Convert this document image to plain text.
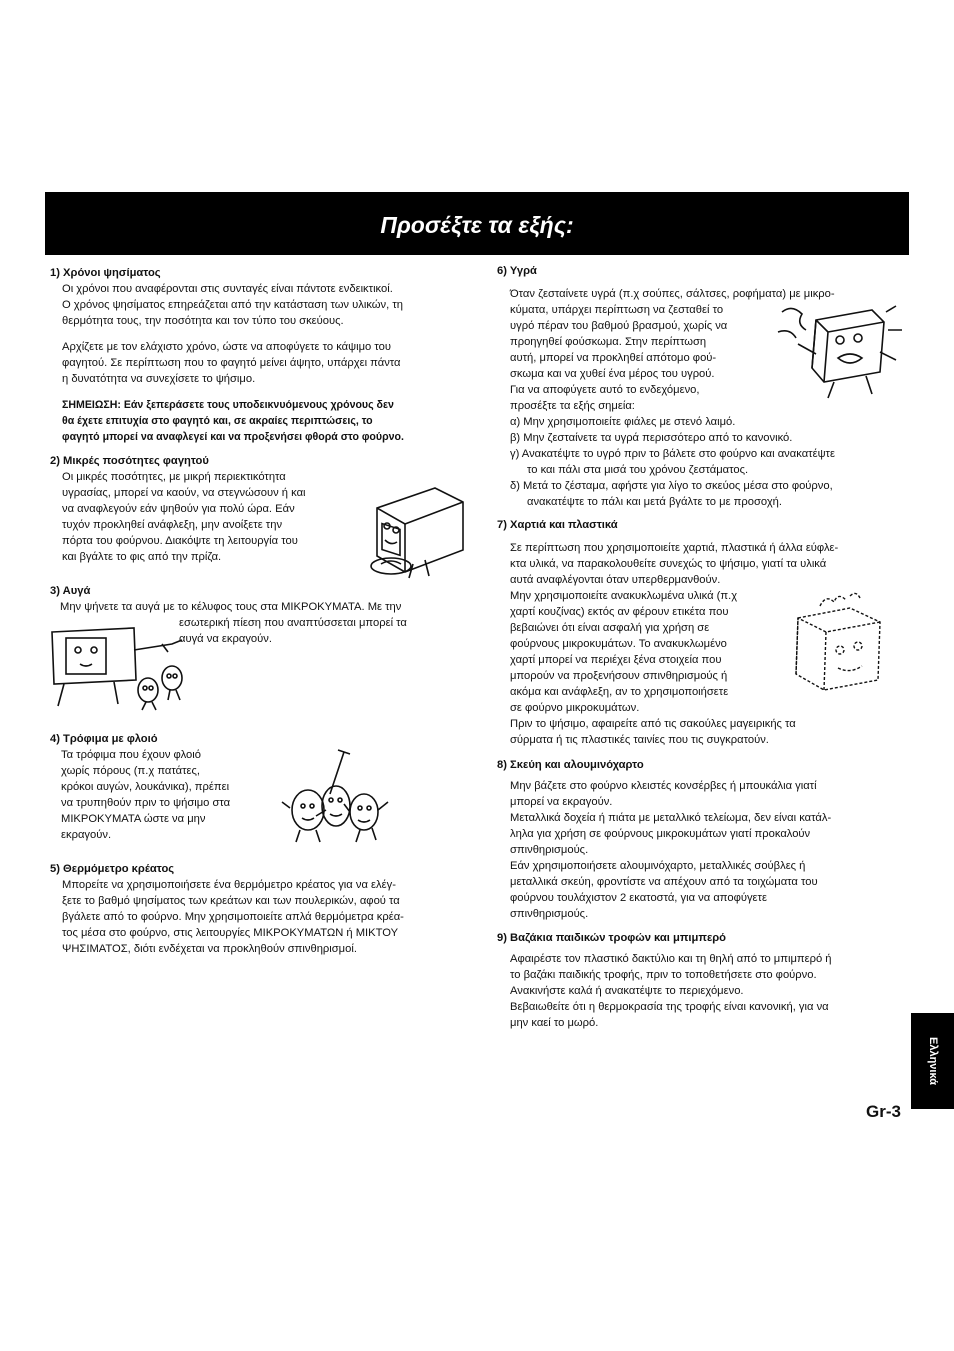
Προσέξτε τα εξής:
1) Χρόνοι ψησίματος
Οι χρόνοι που αναφέρονται στις συνταγές είναι πάντοτε ενδεικτικοί.
Ο χρόνος ψησίματος επηρεάζεται από την κατάσταση των υλικών, τη
θερμότητα τους, την ποσότητα και τον τύπο του σκεύους.
Αρχίζετε με τον ελάχιστο χρόνο, ώστε να αποφύγετε το κάψιμο του
φαγητού. Σε περίπτωση που το φαγητό μείνει άψητο, υπάρχει πάντα
η δυνατότητα να συνεχίσετε το ψήσιμο.
ΣΗΜΕΙΩΣΗ: Εάν ξεπεράσετε τους υποδεικνυόμενους χρόνους δεν
θα έχετε επιτυχία στο φαγητό και, σε ακραίες περιπτώσεις, το
φαγητό μπορεί να αναφλεγεί και να προξενήσει φθορά στο φούρνο.
2) Μικρές ποσότητες φαγητού
Οι μικρές ποσότητες, με μικρή περιεκτικότητα
υγρασίας, μπορεί να καούν, να στεγνώσουν ή και
να αναφλεγούν εάν ψηθούν για πολύ ώρα. Εάν
τυχόν προκληθεί ανάφλεξη, μην ανοίξετε την
πόρτα του φούρνου. Διακόψτε τη λειτουργία του
και βγάλτε το φις από την πρίζα.
3) Αυγά
Μην ψήνετε τα αυγά με το κέλυφος τους στα ΜΙΚΡΟΚΥΜΑΤΑ. Με την
εσωτερική πίεση που αναπτύσσεται μπορεί τα
αυγά να εκραγούν.
4) Τρόφιμα με φλοιό
Τα τρόφιμα που έχουν φλοιό
χωρίς πόρους (π.χ πατάτες,
κρόκοι αυγών, λουκάνικα), πρέπει
να τρυπηθούν πριν το ψήσιμο στα
ΜΙΚΡΟΚΥΜΑΤΑ ώστε να μην
εκραγούν.
5) Θερμόμετρο κρέατος
Μπορείτε να χρησιμοποιήσετε ένα θερμόμετρο κρέατος για να ελέγ-
ξετε το βαθμό ψησίματος των κρεάτων και των πουλερικών, αφού τα
βγάλετε από το φούρνο. Μην χρησιμοποιείτε απλά θερμόμετρα κρέα-
τος μέσα στο φούρνο, στις λειτουργίες ΜΙΚΡΟΚΥΜΑΤΩΝ ή ΜΙΚΤΟΥ
ΨΗΣΙΜΑΤΟΣ, διότι ενδέχεται να προκληθούν σπινθηρισμοί.
6) Υγρά
Όταν ζεσταίνετε υγρά (π.χ σούπες, σάλτσες, ροφήματα) με μικρο-
κύματα, υπάρχει περίπτωση να ζεσταθεί το
υγρό πέραν του βαθμού βρασμού, χωρίς να
προηγηθεί φούσκωμα. Στην περίπτωση
αυτή, μπορεί να προκληθεί απότομο φού-
σκωμα και να χυθεί ένα μέρος του υγρού.
Για να αποφύγετε αυτό το ενδεχόμενο,
προσέξτε τα εξής σημεία:
α) Μην χρησιμοποιείτε φιάλες με στενό λαιμό.
β) Μην ζεσταίνετε τα υγρά περισσότερο από το κανονικό.
γ) Ανακατέψτε το υγρό πριν το βάλετε στο φούρνο και ανακατέψτε
το και πάλι στα μισά του χρόνου ζεστάματος.
δ) Μετά το ζέσταμα, αφήστε για λίγο το σκεύος μέσα στο φούρνο,
ανακατέψτε το πάλι και μετά βγάλτε το με προσοχή.
7) Χαρτιά και πλαστικά
Σε περίπτωση που χρησιμοποιείτε χαρτιά, πλαστικά ή άλλα εύφλε-
κτα υλικά, να παρακολουθείτε συνεχώς το ψήσιμο, γιατί τα υλικά
αυτά αναφλέγονται όταν υπερθερμανθούν.
Μην χρησιμοποιείτε ανακυκλωμένα υλικά (π.χ
χαρτί κουζίνας) εκτός αν φέρουν ετικέτα που
βεβαιώνει ότι είναι ασφαλή για χρήση σε
φούρνους μικροκυμάτων. Το ανακυκλωμένο
χαρτί μπορεί να περιέχει ξένα στοιχεία που
μπορούν να προξενήσουν σπινθηρισμούς ή
ακόμα και ανάφλεξη, αν το χρησιμοποιήσετε
σε φούρνο μικροκυμάτων.
Πριν το ψήσιμο, αφαιρείτε από τις σακούλες μαγειρικής τα
σύρματα ή τις πλαστικές ταινίες που τις συγκρατούν.
8) Σκεύη και αλουμινόχαρτο
Μην βάζετε στο φούρνο κλειστές κονσέρβες ή μπουκάλια γιατί
μπορεί να εκραγούν.
Μεταλλικά δοχεία ή πιάτα με μεταλλικό τελείωμα, δεν είναι κατάλ-
ληλα για χρήση σε φούρνους μικροκυμάτων γιατί προκαλούν
σπινθηρισμούς.
Εάν χρησιμοποιήσετε αλουμινόχαρτο, μεταλλικές σούβλες ή
μεταλλικά σκεύη, φροντίστε να απέχουν από τα τοιχώματα του
φούρνου τουλάχιστον 2 εκατοστά, για να αποφύγετε
σπινθηρισμούς.
9) Βαζάκια παιδικών τροφών και μπιμπερό
Αφαιρέστε τον πλαστικό δακτύλιο και τη θηλή από το μπιμπερό ή
το βαζάκι παιδικής τροφής, πριν το τοποθετήσετε στο φούρνο.
Ανακινήστε καλά ή ανακατέψτε το περιεχόμενο.
Βεβαιωθείτε ότι η θερμοκρασία της τροφής είναι κανονική, για να
μην καεί το μωρό.
Ελληνικά
Gr-3
